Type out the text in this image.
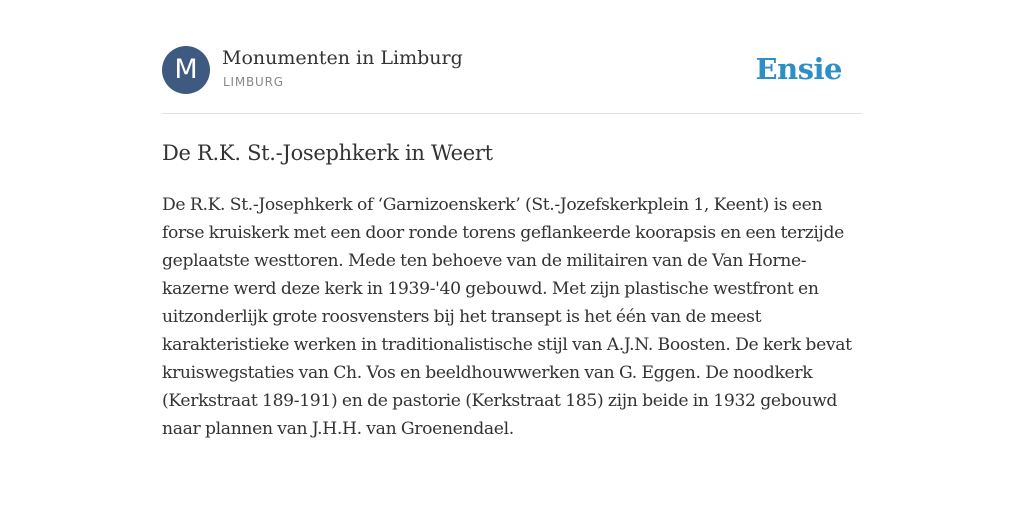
M	Monumenten in Limburg
LIMBURG	Ensie
De R.K. St.-Josephkerk in Weert

De R.K. St.-Josephkerk of ‘Garnizoenskerk’ (St.-Jozefskerkplein 1, Keent) is een forse kruiskerk met een door ronde torens geflankeerde koorapsis en een terzijde geplaatste westtoren. Mede ten behoeve van de militairen van de Van Horne-kazerne werd deze kerk in 1939-'40 gebouwd. Met zijn plastische westfront en uitzonderlijk grote roosvensters bij het transept is het één van de meest karakteristieke werken in traditionalistische stijl van A.J.N. Boosten. De kerk bevat kruiswegstaties van Ch. Vos en beeldhouwwerken van G. Eggen. De noodkerk (Kerkstraat 189-191) en de pastorie (Kerkstraat 185) zijn beide in 1932 gebouwd naar plannen van J.H.H. van Groenendael.
